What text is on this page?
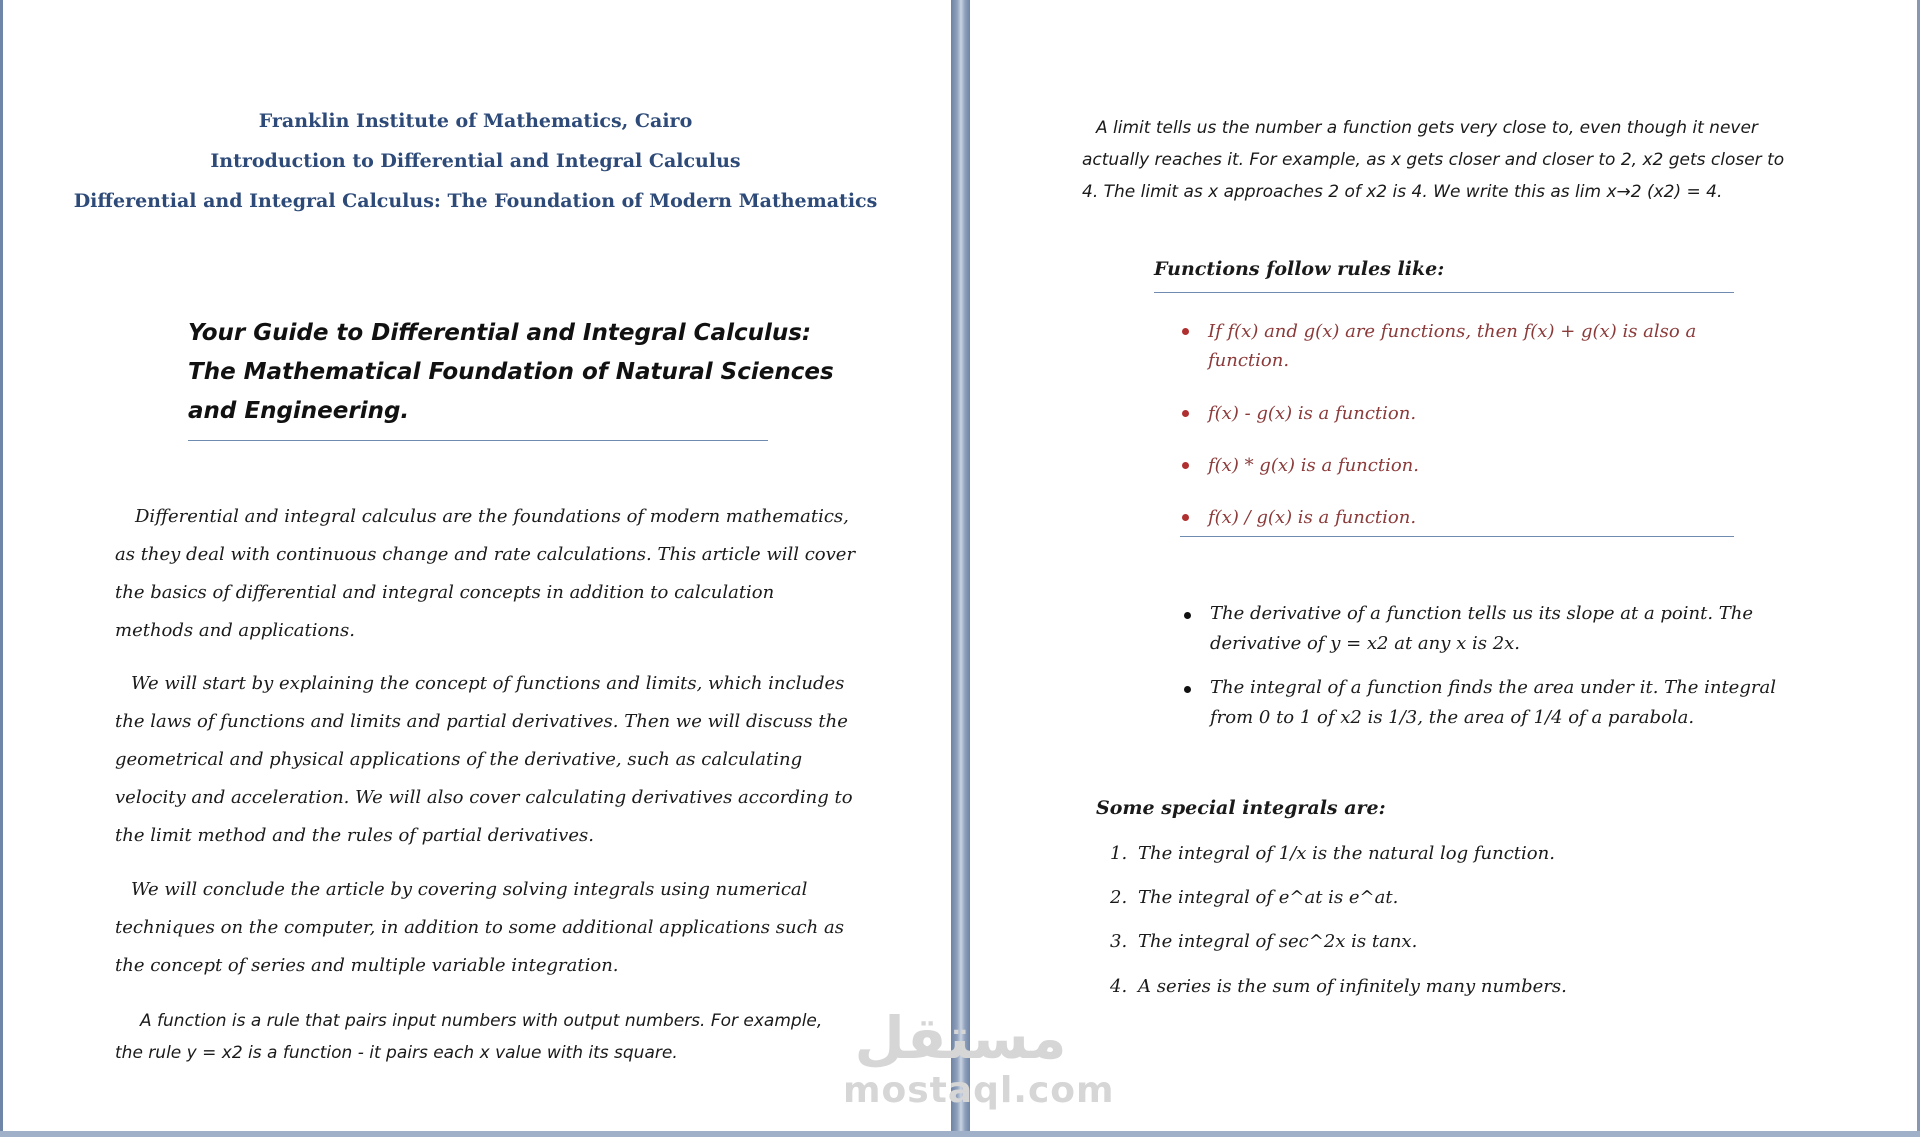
Franklin Institute of Mathematics, Cairo
Introduction to Differential and Integral Calculus
Differential and Integral Calculus: The Foundation of Modern Mathematics
Your Guide to Differential and Integral Calculus:
The Mathematical Foundation of Natural Sciences
and Engineering.
Differential and integral calculus are the foundations of modern mathematics,
as they deal with continuous change and rate calculations. This article will cover
the basics of differential and integral concepts in addition to calculation
methods and applications.
We will start by explaining the concept of functions and limits, which includes
the laws of functions and limits and partial derivatives. Then we will discuss the
geometrical and physical applications of the derivative, such as calculating
velocity and acceleration. We will also cover calculating derivatives according to
the limit method and the rules of partial derivatives.
We will conclude the article by covering solving integrals using numerical
techniques on the computer, in addition to some additional applications such as
the concept of series and multiple variable integration.
A function is a rule that pairs input numbers with output numbers. For example,
the rule y = x2 is a function - it pairs each x value with its square.
A limit tells us the number a function gets very close to, even though it never
actually reaches it. For example, as x gets closer and closer to 2, x2 gets closer to
4. The limit as x approaches 2 of x2 is 4. We write this as lim x→2 (x2) = 4.
Functions follow rules like:
If f(x) and g(x) are functions, then f(x) + g(x) is also a
function.
f(x) - g(x) is a function.
f(x) * g(x) is a function.
f(x) / g(x) is a function.
The derivative of a function tells us its slope at a point. The
derivative of y = x2 at any x is 2x.
The integral of a function finds the area under it. The integral
from 0 to 1 of x2 is 1/3, the area of 1/4 of a parabola.
Some special integrals are:
1. The integral of 1/x is the natural log function.
2. The integral of e^at is e^at.
3. The integral of sec^2x is tanx.
4. A series is the sum of infinitely many numbers.
مستقل
mostaql.com
